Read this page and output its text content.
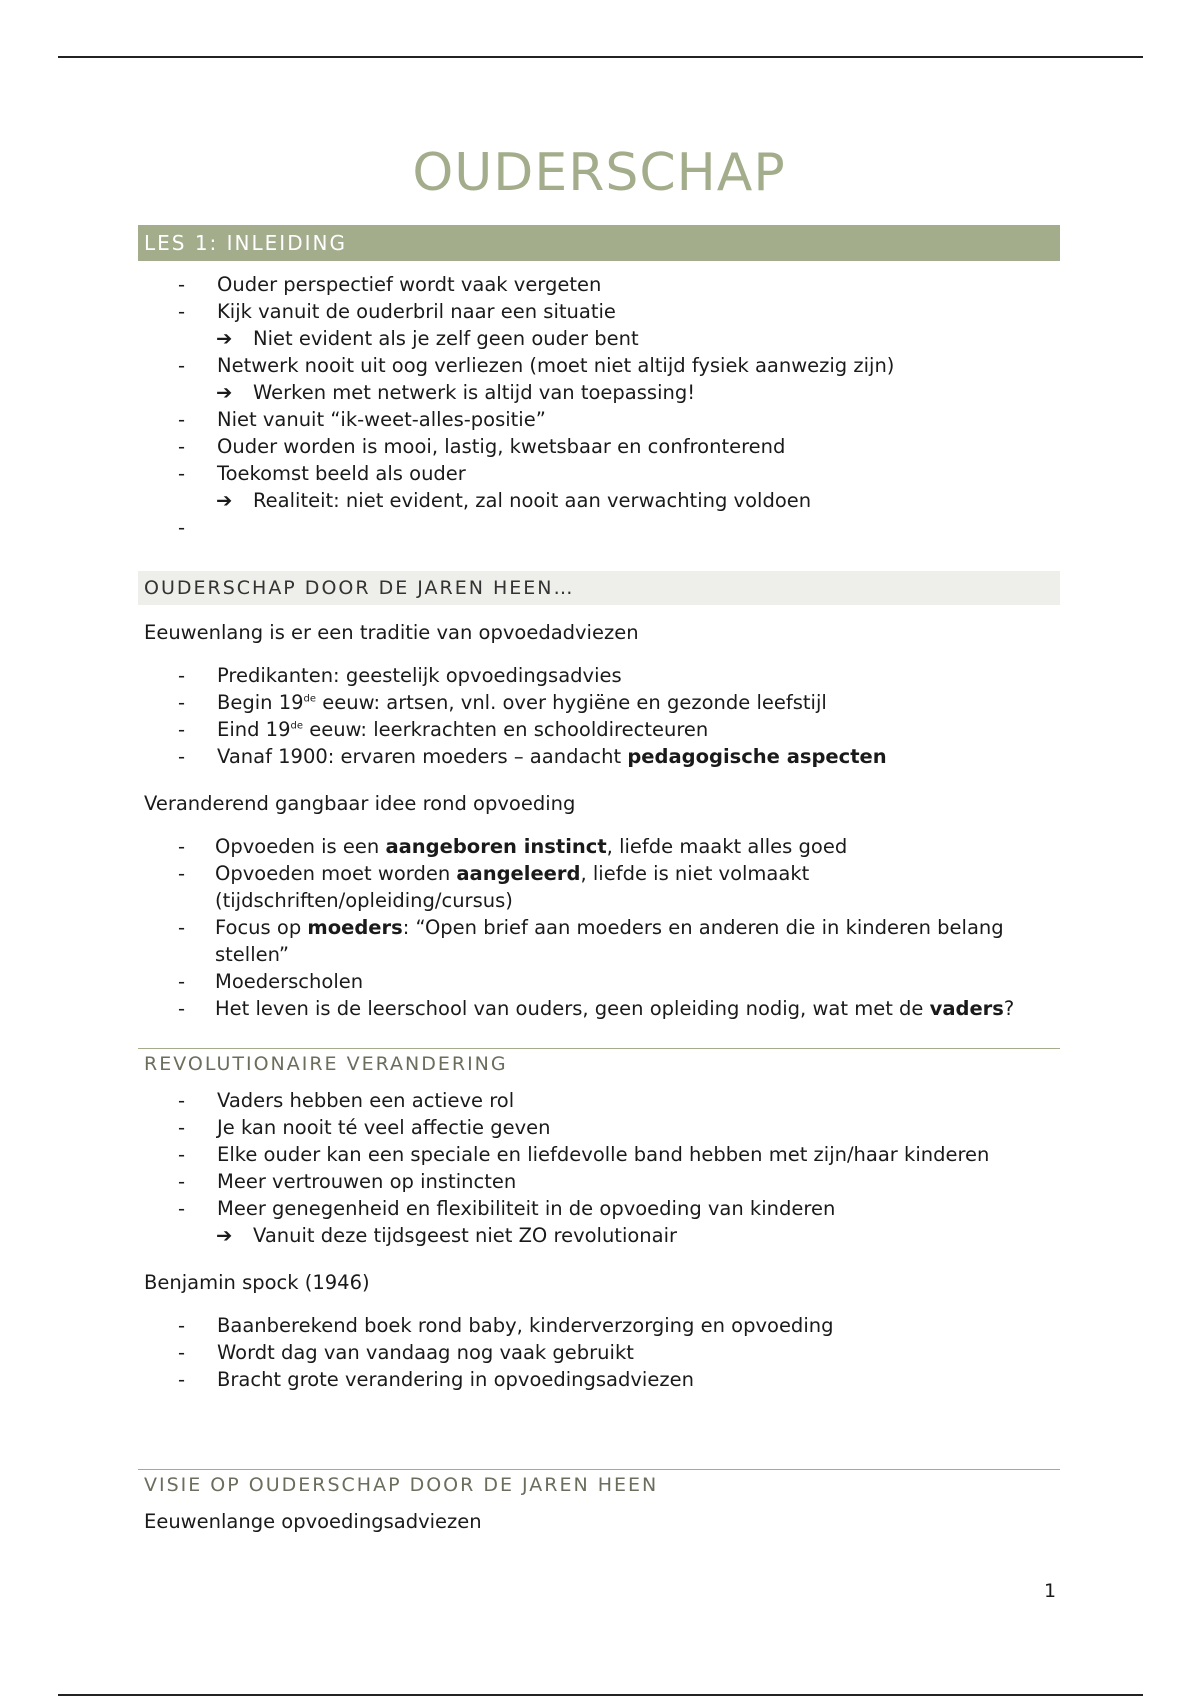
OUDERSCHAP
LES 1: INLEIDING
- Ouder perspectief wordt vaak vergeten
- Kijk vanuit de ouderbril naar een situatie
➔ Niet evident als je zelf geen ouder bent
- Netwerk nooit uit oog verliezen (moet niet altijd fysiek aanwezig zijn)
➔ Werken met netwerk is altijd van toepassing!
- Niet vanuit “ik-weet-alles-positie”
- Ouder worden is mooi, lastig, kwetsbaar en confronterend
- Toekomst beeld als ouder
➔ Realiteit: niet evident, zal nooit aan verwachting voldoen
-

OUDERSCHAP DOOR DE JAREN HEEN…

Eeuwenlang is er een traditie van opvoedadviezen

- Predikanten: geestelijk opvoedingsadvies
- Begin 19de eeuw: artsen, vnl. over hygiëne en gezonde leefstijl
- Eind 19de eeuw: leerkrachten en schooldirecteuren
- Vanaf 1900: ervaren moeders – aandacht pedagogische aspecten

Veranderend gangbaar idee rond opvoeding

- Opvoeden is een aangeboren instinct, liefde maakt alles goed
- Opvoeden moet worden aangeleerd, liefde is niet volmaakt
(tijdschriften/opleiding/cursus)
- Focus op moeders: “Open brief aan moeders en anderen die in kinderen belang
stellen”
- Moederscholen
- Het leven is de leerschool van ouders, geen opleiding nodig, wat met de vaders?
REVOLUTIONAIRE VERANDERING
- Vaders hebben een actieve rol
- Je kan nooit té veel affectie geven
- Elke ouder kan een speciale en liefdevolle band hebben met zijn/haar kinderen
- Meer vertrouwen op instincten
- Meer genegenheid en flexibiliteit in de opvoeding van kinderen
➔ Vanuit deze tijdsgeest niet ZO revolutionair

Benjamin spock (1946)

- Baanberekend boek rond baby, kinderverzorging en opvoeding
- Wordt dag van vandaag nog vaak gebruikt
- Bracht grote verandering in opvoedingsadviezen
VISIE OP OUDERSCHAP DOOR DE JAREN HEEN

Eeuwenlange opvoedingsadviezen

1
